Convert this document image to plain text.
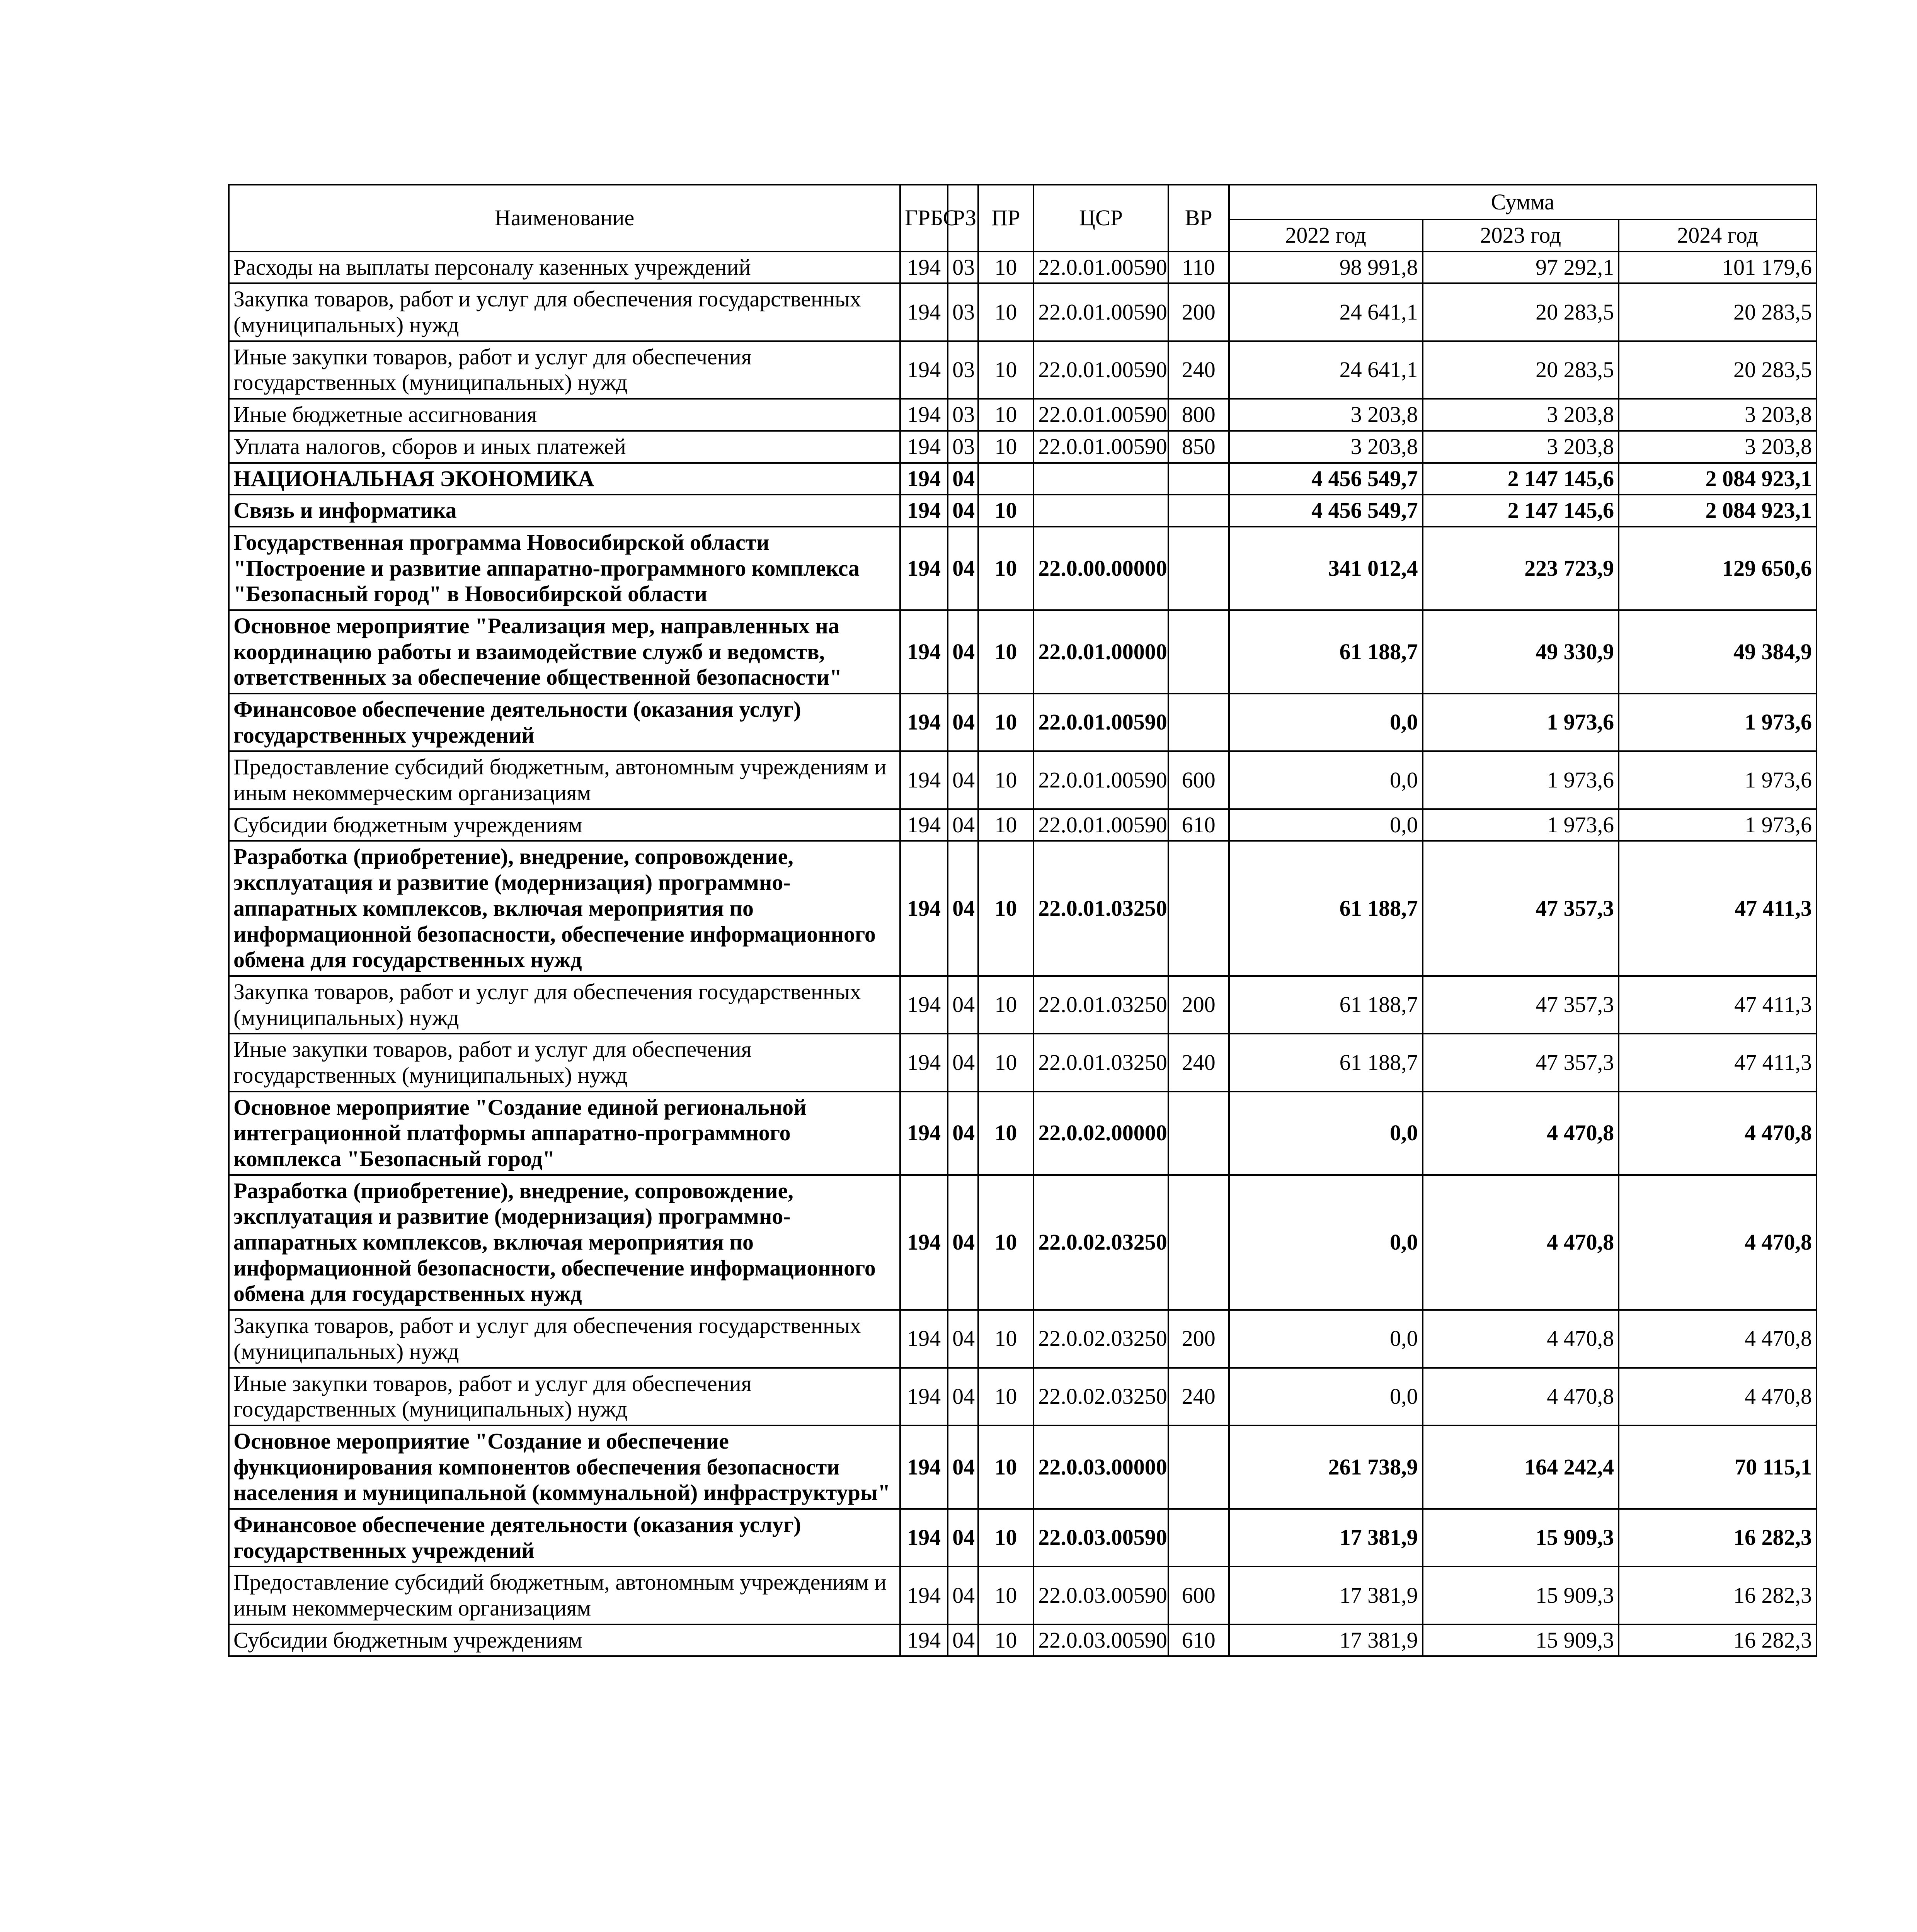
Наименование	ГРБС	РЗ	ПР	ЦСР	ВР	Сумма		
						2022 год	2023 год	2024 год
Расходы на выплаты персоналу казенных учреждений	194	03	10	22.0.01.00590	110	98 991,8	97 292,1	101 179,6
Закупка товаров, работ и услуг для обеспечения государственных (муниципальных) нужд	194	03	10	22.0.01.00590	200	24 641,1	20 283,5	20 283,5
Иные закупки товаров, работ и услуг для обеспечения государственных (муниципальных) нужд	194	03	10	22.0.01.00590	240	24 641,1	20 283,5	20 283,5
Иные бюджетные ассигнования	194	03	10	22.0.01.00590	800	3 203,8	3 203,8	3 203,8
Уплата налогов, сборов и иных платежей	194	03	10	22.0.01.00590	850	3 203,8	3 203,8	3 203,8
НАЦИОНАЛЬНАЯ ЭКОНОМИКА	194	04				4 456 549,7	2 147 145,6	2 084 923,1
Связь и информатика	194	04	10			4 456 549,7	2 147 145,6	2 084 923,1
Государственная программа Новосибирской области "Построение и развитие аппаратно-программного комплекса "Безопасный город" в Новосибирской области	194	04	10	22.0.00.00000		341 012,4	223 723,9	129 650,6
Основное мероприятие "Реализация мер, направленных на координацию работы и взаимодействие служб и ведомств, ответственных за обеспечение общественной безопасности"	194	04	10	22.0.01.00000		61 188,7	49 330,9	49 384,9
Финансовое обеспечение деятельности (оказания услуг) государственных учреждений	194	04	10	22.0.01.00590		0,0	1 973,6	1 973,6
Предоставление субсидий бюджетным, автономным учреждениям и иным некоммерческим организациям	194	04	10	22.0.01.00590	600	0,0	1 973,6	1 973,6
Субсидии бюджетным учреждениям	194	04	10	22.0.01.00590	610	0,0	1 973,6	1 973,6
Разработка (приобретение), внедрение, сопровождение, эксплуатация и развитие (модернизация) программно-аппаратных комплексов, включая мероприятия по информационной безопасности, обеспечение информационного обмена для государственных нужд	194	04	10	22.0.01.03250		61 188,7	47 357,3	47 411,3
Закупка товаров, работ и услуг для обеспечения государственных (муниципальных) нужд	194	04	10	22.0.01.03250	200	61 188,7	47 357,3	47 411,3
Иные закупки товаров, работ и услуг для обеспечения государственных (муниципальных) нужд	194	04	10	22.0.01.03250	240	61 188,7	47 357,3	47 411,3
Основное мероприятие "Создание единой региональной интеграционной платформы аппаратно-программного комплекса "Безопасный город"	194	04	10	22.0.02.00000		0,0	4 470,8	4 470,8
Разработка (приобретение), внедрение, сопровождение, эксплуатация и развитие (модернизация) программно-аппаратных комплексов, включая мероприятия по информационной безопасности, обеспечение информационного обмена для государственных нужд	194	04	10	22.0.02.03250		0,0	4 470,8	4 470,8
Закупка товаров, работ и услуг для обеспечения государственных (муниципальных) нужд	194	04	10	22.0.02.03250	200	0,0	4 470,8	4 470,8
Иные закупки товаров, работ и услуг для обеспечения государственных (муниципальных) нужд	194	04	10	22.0.02.03250	240	0,0	4 470,8	4 470,8
Основное мероприятие "Создание и обеспечение функционирования компонентов обеспечения безопасности населения и муниципальной (коммунальной) инфраструктуры"	194	04	10	22.0.03.00000		261 738,9	164 242,4	70 115,1
Финансовое обеспечение деятельности (оказания услуг) государственных учреждений	194	04	10	22.0.03.00590		17 381,9	15 909,3	16 282,3
Предоставление субсидий бюджетным, автономным учреждениям и иным некоммерческим организациям	194	04	10	22.0.03.00590	600	17 381,9	15 909,3	16 282,3
Субсидии бюджетным учреждениям	194	04	10	22.0.03.00590	610	17 381,9	15 909,3	16 282,3
